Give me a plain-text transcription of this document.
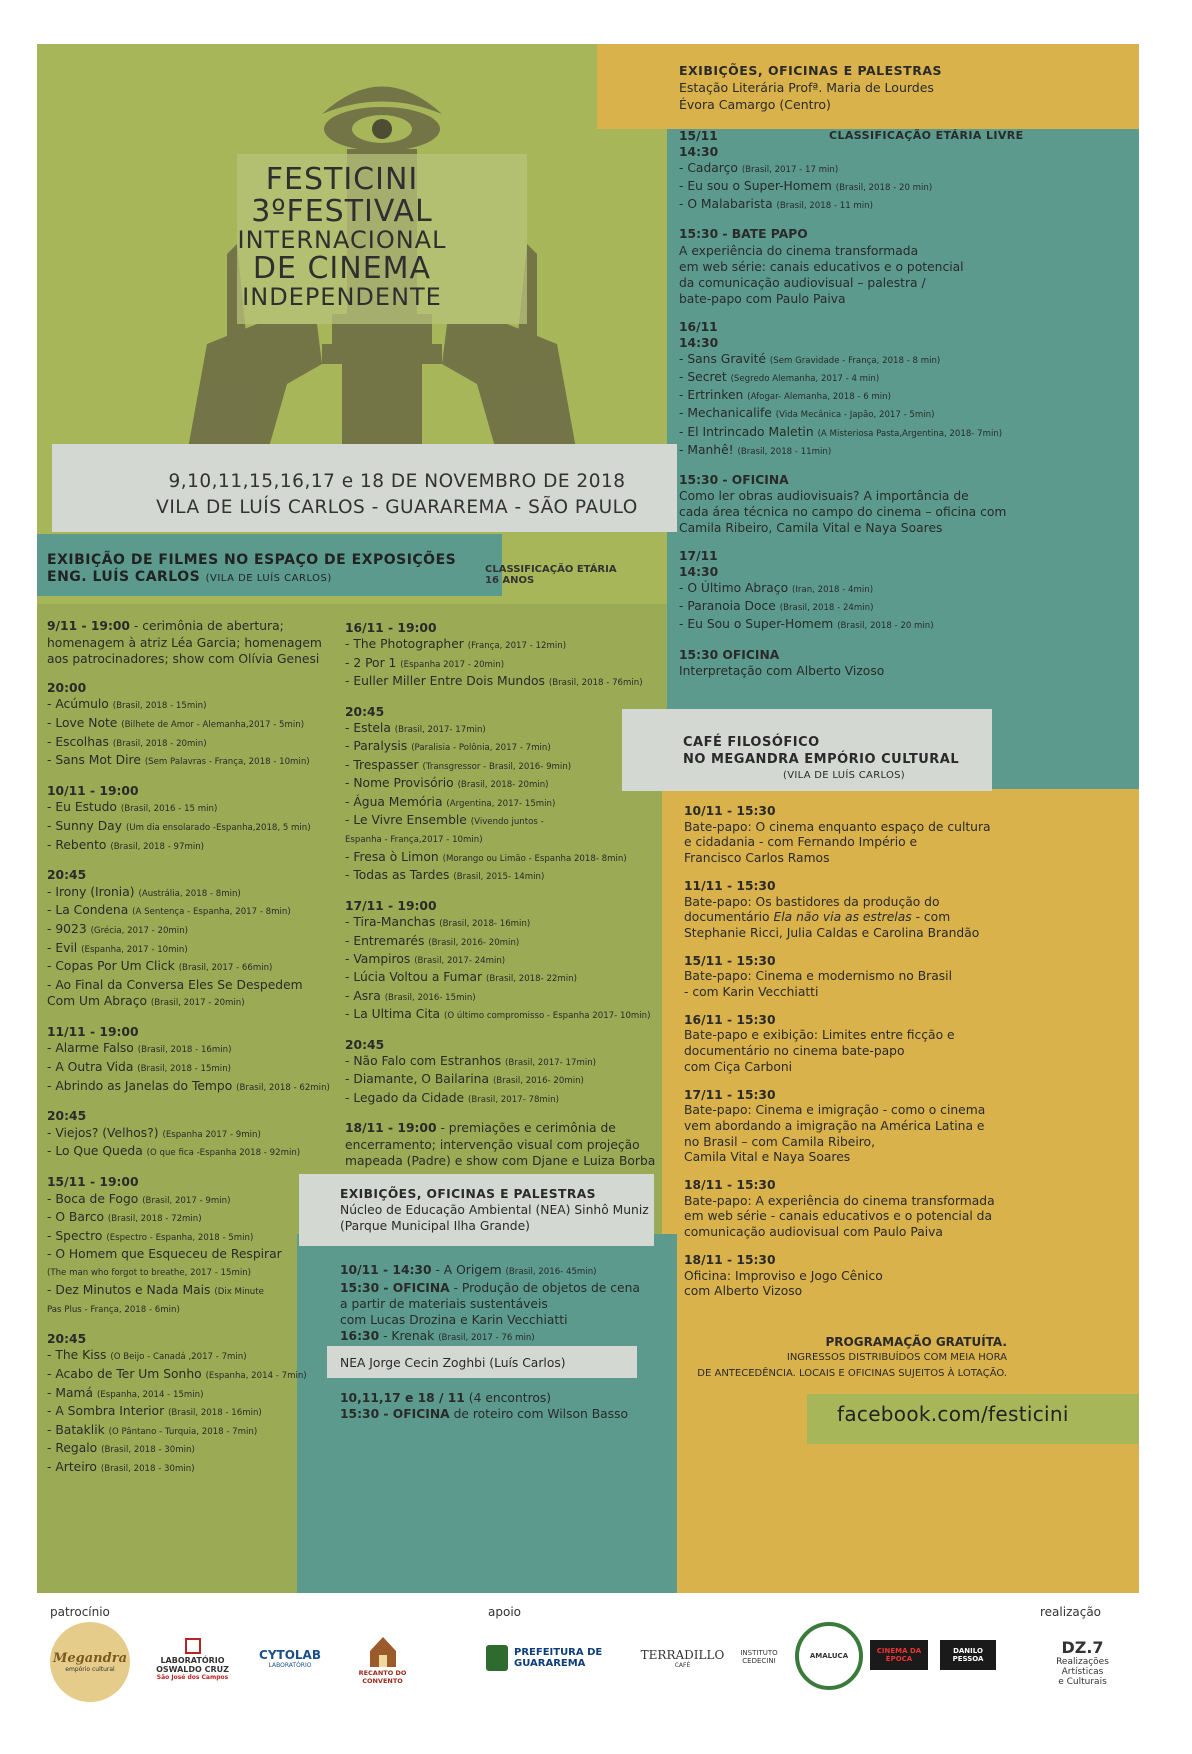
FESTICINI
3ºFESTIVAL
INTERNACIONAL
DE CINEMA
INDEPENDENTE
9,10,11,15,16,17 e 18 DE NOVEMBRO DE 2018
VILA DE LUÍS CARLOS - GUARAREMA - SÃO PAULO
EXIBIÇÃO DE FILMES NO ESPAÇO DE EXPOSIÇÕES
ENG. LUÍS CARLOS (VILA DE LUÍS CARLOS)
CLASSIFICAÇÃO ETÁRIA
16 ANOS

9/11 - 19:00 - cerimônia de abertura;

homenagem à atriz Léa Garcia; homenagem

aos patrocinadores; show com Olívia Genesi

20:00

- Acúmulo (Brasil, 2018 - 15min)

- Love Note (Bilhete de Amor - Alemanha,2017 - 5min)

- Escolhas (Brasil, 2018 - 20min)

- Sans Mot Dire (Sem Palavras - França, 2018 - 10min)

10/11 - 19:00

- Eu Estudo (Brasil, 2016 - 15 min)

- Sunny Day (Um dia ensolarado -Espanha,2018, 5 min)

- Rebento (Brasil, 2018 - 97min)

20:45

- Irony (Ironia) (Austrália, 2018 - 8min)

- La Condena (A Sentença - Espanha, 2017 - 8min)

- 9023 (Grécia, 2017 - 20min)

- Evil (Espanha, 2017 - 10min)

- Copas Por Um Click (Brasil, 2017 - 66min)

- Ao Final da Conversa Eles Se Despedem

Com Um Abraço (Brasil, 2017 - 20min)

11/11 - 19:00

- Alarme Falso (Brasil, 2018 - 16min)

- A Outra Vida (Brasil, 2018 - 15min)

- Abrindo as Janelas do Tempo (Brasil, 2018 - 62min)

20:45

- Viejos? (Velhos?) (Espanha 2017 - 9min)

- Lo Que Queda (O que fica -Espanha 2018 - 92min)

15/11 - 19:00

- Boca de Fogo (Brasil, 2017 - 9min)

- O Barco (Brasil, 2018 - 72min)

- Spectro (Espectro - Espanha, 2018 - 5min)

- O Homem que Esqueceu de Respirar

(The man who forgot to breathe, 2017 - 15min)

- Dez Minutos e Nada Mais (Dix Minute

Pas Plus - França, 2018 - 6min)

20:45

- The Kiss (O Beijo - Canadá ,2017 - 7min)

- Acabo de Ter Um Sonho (Espanha, 2014 - 7min)

- Mamá (Espanha, 2014 - 15min)

- A Sombra Interior (Brasil, 2018 - 16min)

- Bataklik (O Pântano - Turquia, 2018 - 7min)

- Regalo (Brasil, 2018 - 30min)

- Arteiro (Brasil, 2018 - 30min)

16/11 - 19:00

- The Photographer (França, 2017 - 12min)

- 2 Por 1 (Espanha 2017 - 20min)

- Euller Miller Entre Dois Mundos (Brasil, 2018 - 76min)

20:45

- Estela (Brasil, 2017- 17min)

- Paralysis (Paralisia - Polônia, 2017 - 7min)

- Trespasser (Transgressor - Brasil, 2016- 9min)

- Nome Provisório (Brasil, 2018- 20min)

- Água Memória (Argentina, 2017- 15min)

- Le Vivre Ensemble (Vivendo juntos -

Espanha - França,2017 - 10min)

- Fresa ò Limon (Morango ou Limão - Espanha 2018- 8min)

- Todas as Tardes (Brasil, 2015- 14min)

17/11 - 19:00

- Tira-Manchas (Brasil, 2018- 16min)

- Entremarés (Brasil, 2016- 20min)

- Vampiros (Brasil, 2017- 24min)

- Lúcia Voltou a Fumar (Brasil, 2018- 22min)

- Asra (Brasil, 2016- 15min)

- La Ultima Cita (O último compromisso - Espanha 2017- 10min)

20:45

- Não Falo com Estranhos (Brasil, 2017- 17min)

- Diamante, O Bailarina (Brasil, 2016- 20min)

- Legado da Cidade (Brasil, 2017- 78min)

18/11 - 19:00 - premiações e cerimônia de

encerramento; intervenção visual com projeção

mapeada (Padre) e show com Djane e Luiza Borba

EXIBIÇÕES, OFICINAS E PALESTRAS
Estação Literária Profª. Maria de Lourdes
Évora Camargo (Centro)
CLASSIFICAÇÃO ETÁRIA LIVRE

15/11

14:30

- Cadarço (Brasil, 2017 - 17 min)

- Eu sou o Super-Homem (Brasil, 2018 - 20 min)

- O Malabarista (Brasil, 2018 - 11 min)

15:30 - BATE PAPO

A experiência do cinema transformada

em web série: canais educativos e o potencial

da comunicação audiovisual – palestra /

bate-papo com Paulo Paiva

16/11

14:30

- Sans Gravité (Sem Gravidade - França, 2018 - 8 min)

- Secret (Segredo Alemanha, 2017 - 4 min)

- Ertrinken (Afogar- Alemanha, 2018 - 6 min)

- Mechanicalife (Vida Mecânica - Japão, 2017 - 5min)

- El Intrincado Maletin (A Misteriosa Pasta,Argentina, 2018- 7min)

- Manhê! (Brasil, 2018 - 11min)

15:30 - OFICINA

Como ler obras audiovisuais? A importância de

cada área técnica no campo do cinema – oficina com

Camila Ribeiro, Camila Vital e Naya Soares

17/11

14:30

- O Último Abraço (Iran, 2018 - 4min)

- Paranoia Doce (Brasil, 2018 - 24min)

- Eu Sou o Super-Homem (Brasil, 2018 - 20 min)

15:30 OFICINA

Interpretação com Alberto Vizoso

CAFÉ FILOSÓFICO
NO MEGANDRA EMPÓRIO CULTURAL
(VILA DE LUÍS CARLOS)

10/11 - 15:30

Bate-papo: O cinema enquanto espaço de cultura

e cidadania - com Fernando Império e

Francisco Carlos Ramos

11/11 - 15:30

Bate-papo: Os bastidores da produção do

documentário Ela não via as estrelas - com

Stephanie Ricci, Julia Caldas e Carolina Brandão

15/11 - 15:30

Bate-papo: Cinema e modernismo no Brasil

- com Karin Vecchiatti

16/11 - 15:30

Bate-papo e exibição: Limites entre ficção e

documentário no cinema bate-papo

com Ciça Carboni

17/11 - 15:30

Bate-papo: Cinema e imigração - como o cinema

vem abordando a imigração na América Latina e

no Brasil – com Camila Ribeiro,

Camila Vital e Naya Soares

18/11 - 15:30

Bate-papo: A experiência do cinema transformada

em web série - canais educativos e o potencial da

comunicação audiovisual com Paulo Paiva

18/11 - 15:30

Oficina: Improviso e Jogo Cênico

com Alberto Vizoso

PROGRAMAÇÃO GRATUÍTA.
INGRESSOS DISTRIBUÍDOS COM MEIA HORA
DE ANTECEDÊNCIA. LOCAIS E OFICINAS SUJEITOS À LOTAÇÃO.
facebook.com/festicini
EXIBIÇÕES, OFICINAS E PALESTRAS
Núcleo de Educação Ambiental (NEA) Sinhô Muniz
(Parque Municipal Ilha Grande)

10/11 - 14:30 - A Origem (Brasil, 2016- 45min)

15:30 - OFICINA - Produção de objetos de cena

a partir de materiais sustentáveis

com Lucas Drozina e Karin Vecchiatti

16:30 - Krenak (Brasil, 2017 - 76 min)

NEA Jorge Cecin Zoghbi (Luís Carlos)

10,11,17 e 18 / 11 (4 encontros)

15:30 - OFICINA de roteiro com Wilson Basso

patrocínio	apoio	realização
Megandra
empório cultural
LABORATÓRIO OSWALDO CRUZ
São José dos Campos
CYTOLAB
LABORATÓRIO
RECANTO DO CONVENTO
PREFEITURA DE GUARAREMA
TERRADILLO
CAFÉ
INSTITUTO CEDECINI
AMALUCA
CINEMA DA ÉPOCA
DANILO PESSOA
DZ.7
Realizações
Artísticas
e Culturais
